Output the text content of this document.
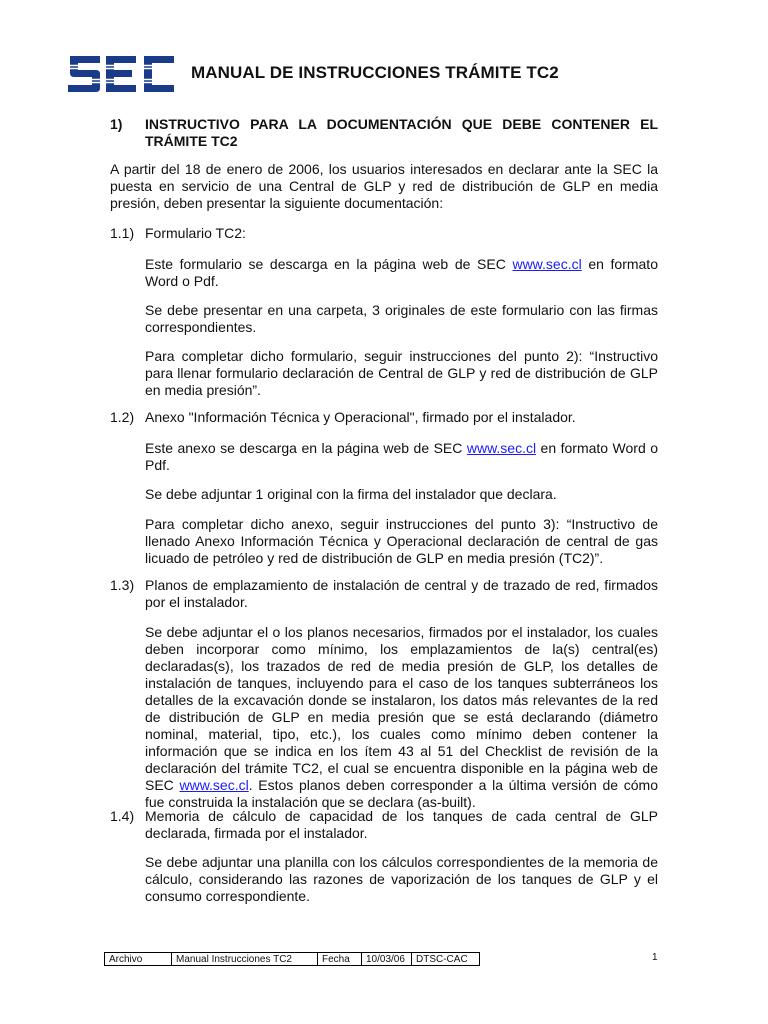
MANUAL DE INSTRUCCIONES TRÁMITE TC2
1) INSTRUCTIVO PARA LA DOCUMENTACIÓN QUE DEBE CONTENER EL TRÁMITE TC2
A partir del 18 de enero de 2006, los usuarios interesados en declarar ante la SEC la puesta en servicio de una Central de GLP y red de distribución de GLP en media presión, deben presentar la siguiente documentación:
1.1) Formulario TC2:
Este formulario se descarga en la página web de SEC www.sec.cl en formato Word o Pdf.
Se debe presentar en una carpeta, 3 originales de este formulario con las firmas correspondientes.
Para completar dicho formulario, seguir instrucciones del punto 2): “Instructivo para llenar formulario declaración de Central de GLP y red de distribución de GLP en media presión”.
1.2) Anexo "Información Técnica y Operacional", firmado por el instalador.
Este anexo se descarga en la página web de SEC www.sec.cl en formato Word o Pdf.
Se debe adjuntar 1 original con la firma del instalador que declara.
Para completar dicho anexo, seguir instrucciones del punto 3): “Instructivo de llenado Anexo Información Técnica y Operacional declaración de central de gas licuado de petróleo y red de distribución de GLP en media presión (TC2)”.
1.3) Planos de emplazamiento de instalación de central y de trazado de red, firmados por el instalador.
Se debe adjuntar el o los planos necesarios, firmados por el instalador, los cuales deben incorporar como mínimo, los emplazamientos de la(s) central(es) declaradas(s), los trazados de red de media presión de GLP, los detalles de instalación de tanques, incluyendo para el caso de los tanques subterráneos los detalles de la excavación donde se instalaron, los datos más relevantes de la red de distribución de GLP en media presión que se está declarando (diámetro nominal, material, tipo, etc.), los cuales como mínimo deben contener la información que se indica en los ítem 43 al 51 del Checklist de revisión de la declaración del trámite TC2, el cual se encuentra disponible en la página web de SEC www.sec.cl. Estos planos deben corresponder a la última versión de cómo fue construida la instalación que se declara (as-built).
1.4) Memoria de cálculo de capacidad de los tanques de cada central de GLP declarada, firmada por el instalador.
Se debe adjuntar una planilla con los cálculos correspondientes de la memoria de cálculo, considerando las razones de vaporización de los tanques de GLP y el consumo correspondiente.
Archivo	Manual Instrucciones TC2	Fecha	10/03/06	DTSC-CAC	1
